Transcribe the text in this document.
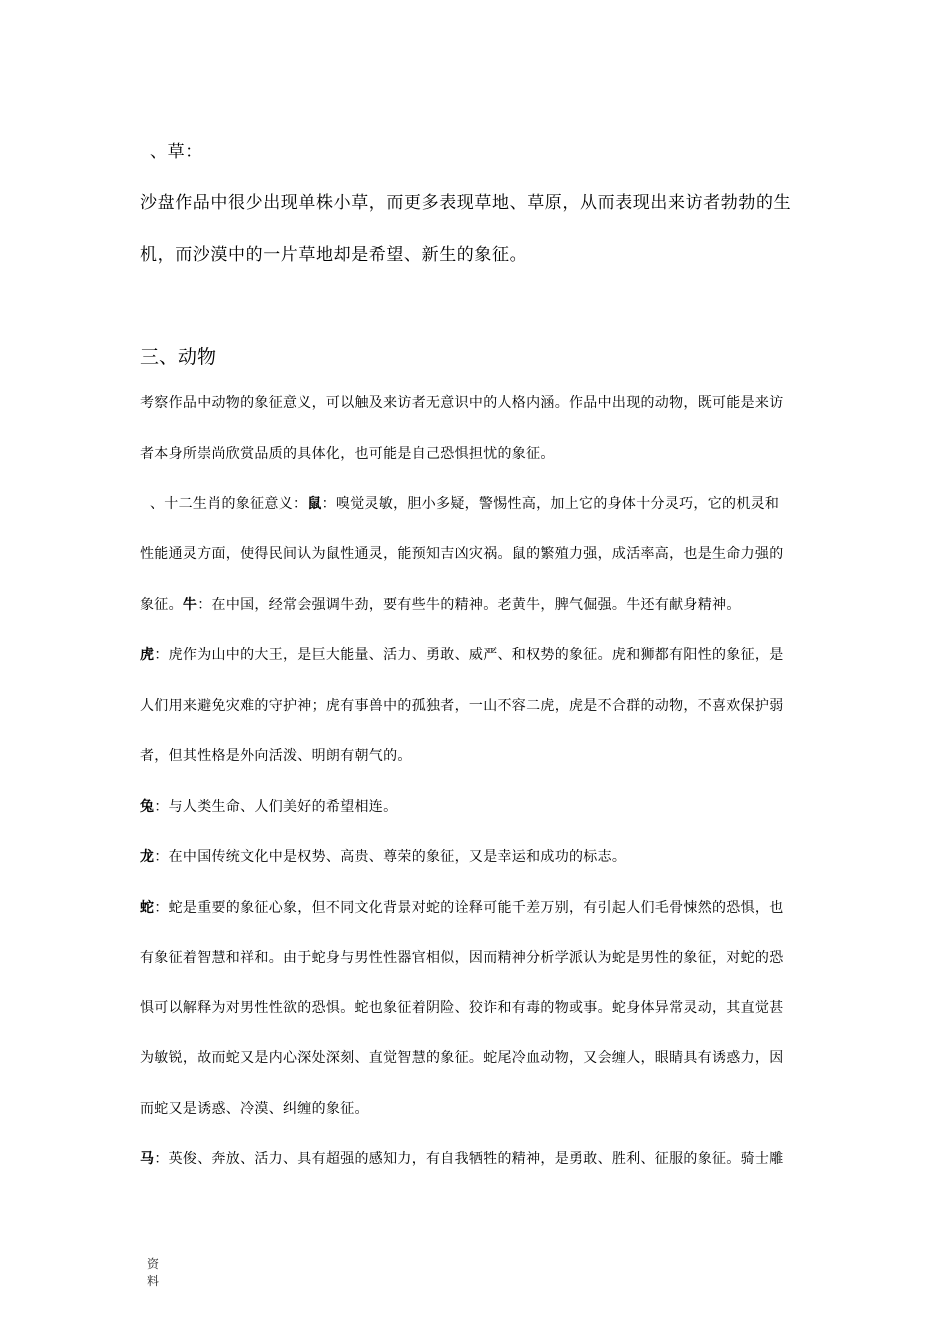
、草：
沙盘作品中很少出现单株小草，而更多表现草地、草原，从而表现出来访者勃勃的生
机，而沙漠中的一片草地却是希望、新生的象征。
三、动物
考察作品中动物的象征意义，可以触及来访者无意识中的人格内涵。作品中出现的动物，既可能是来访
者本身所崇尚欣赏品质的具体化，也可能是自己恐惧担忧的象征。
、十二生肖的象征意义：鼠：嗅觉灵敏，胆小多疑，警惕性高，加上它的身体十分灵巧，它的机灵和
性能通灵方面，使得民间认为鼠性通灵，能预知吉凶灾祸。鼠的繁殖力强，成活率高，也是生命力强的
象征。牛：在中国，经常会强调牛劲，要有些牛的精神。老黄牛，脾气倔强。牛还有献身精神。
虎：虎作为山中的大王，是巨大能量、活力、勇敢、威严、和权势的象征。虎和狮都有阳性的象征，是
人们用来避免灾难的守护神；虎有事兽中的孤独者，一山不容二虎，虎是不合群的动物，不喜欢保护弱
者，但其性格是外向活泼、明朗有朝气的。
兔：与人类生命、人们美好的希望相连。
龙：在中国传统文化中是权势、高贵、尊荣的象征，又是幸运和成功的标志。
蛇：蛇是重要的象征心象，但不同文化背景对蛇的诠释可能千差万别，有引起人们毛骨悚然的恐惧，也
有象征着智慧和祥和。由于蛇身与男性性器官相似，因而精神分析学派认为蛇是男性的象征，对蛇的恐
惧可以解释为对男性性欲的恐惧。蛇也象征着阴险、狡诈和有毒的物或事。蛇身体异常灵动，其直觉甚
为敏锐，故而蛇又是内心深处深刻、直觉智慧的象征。蛇尾冷血动物，又会缠人，眼睛具有诱惑力，因
而蛇又是诱惑、冷漠、纠缠的象征。
马：英俊、奔放、活力、具有超强的感知力，有自我牺牲的精神，是勇敢、胜利、征服的象征。骑士雕
资
料
